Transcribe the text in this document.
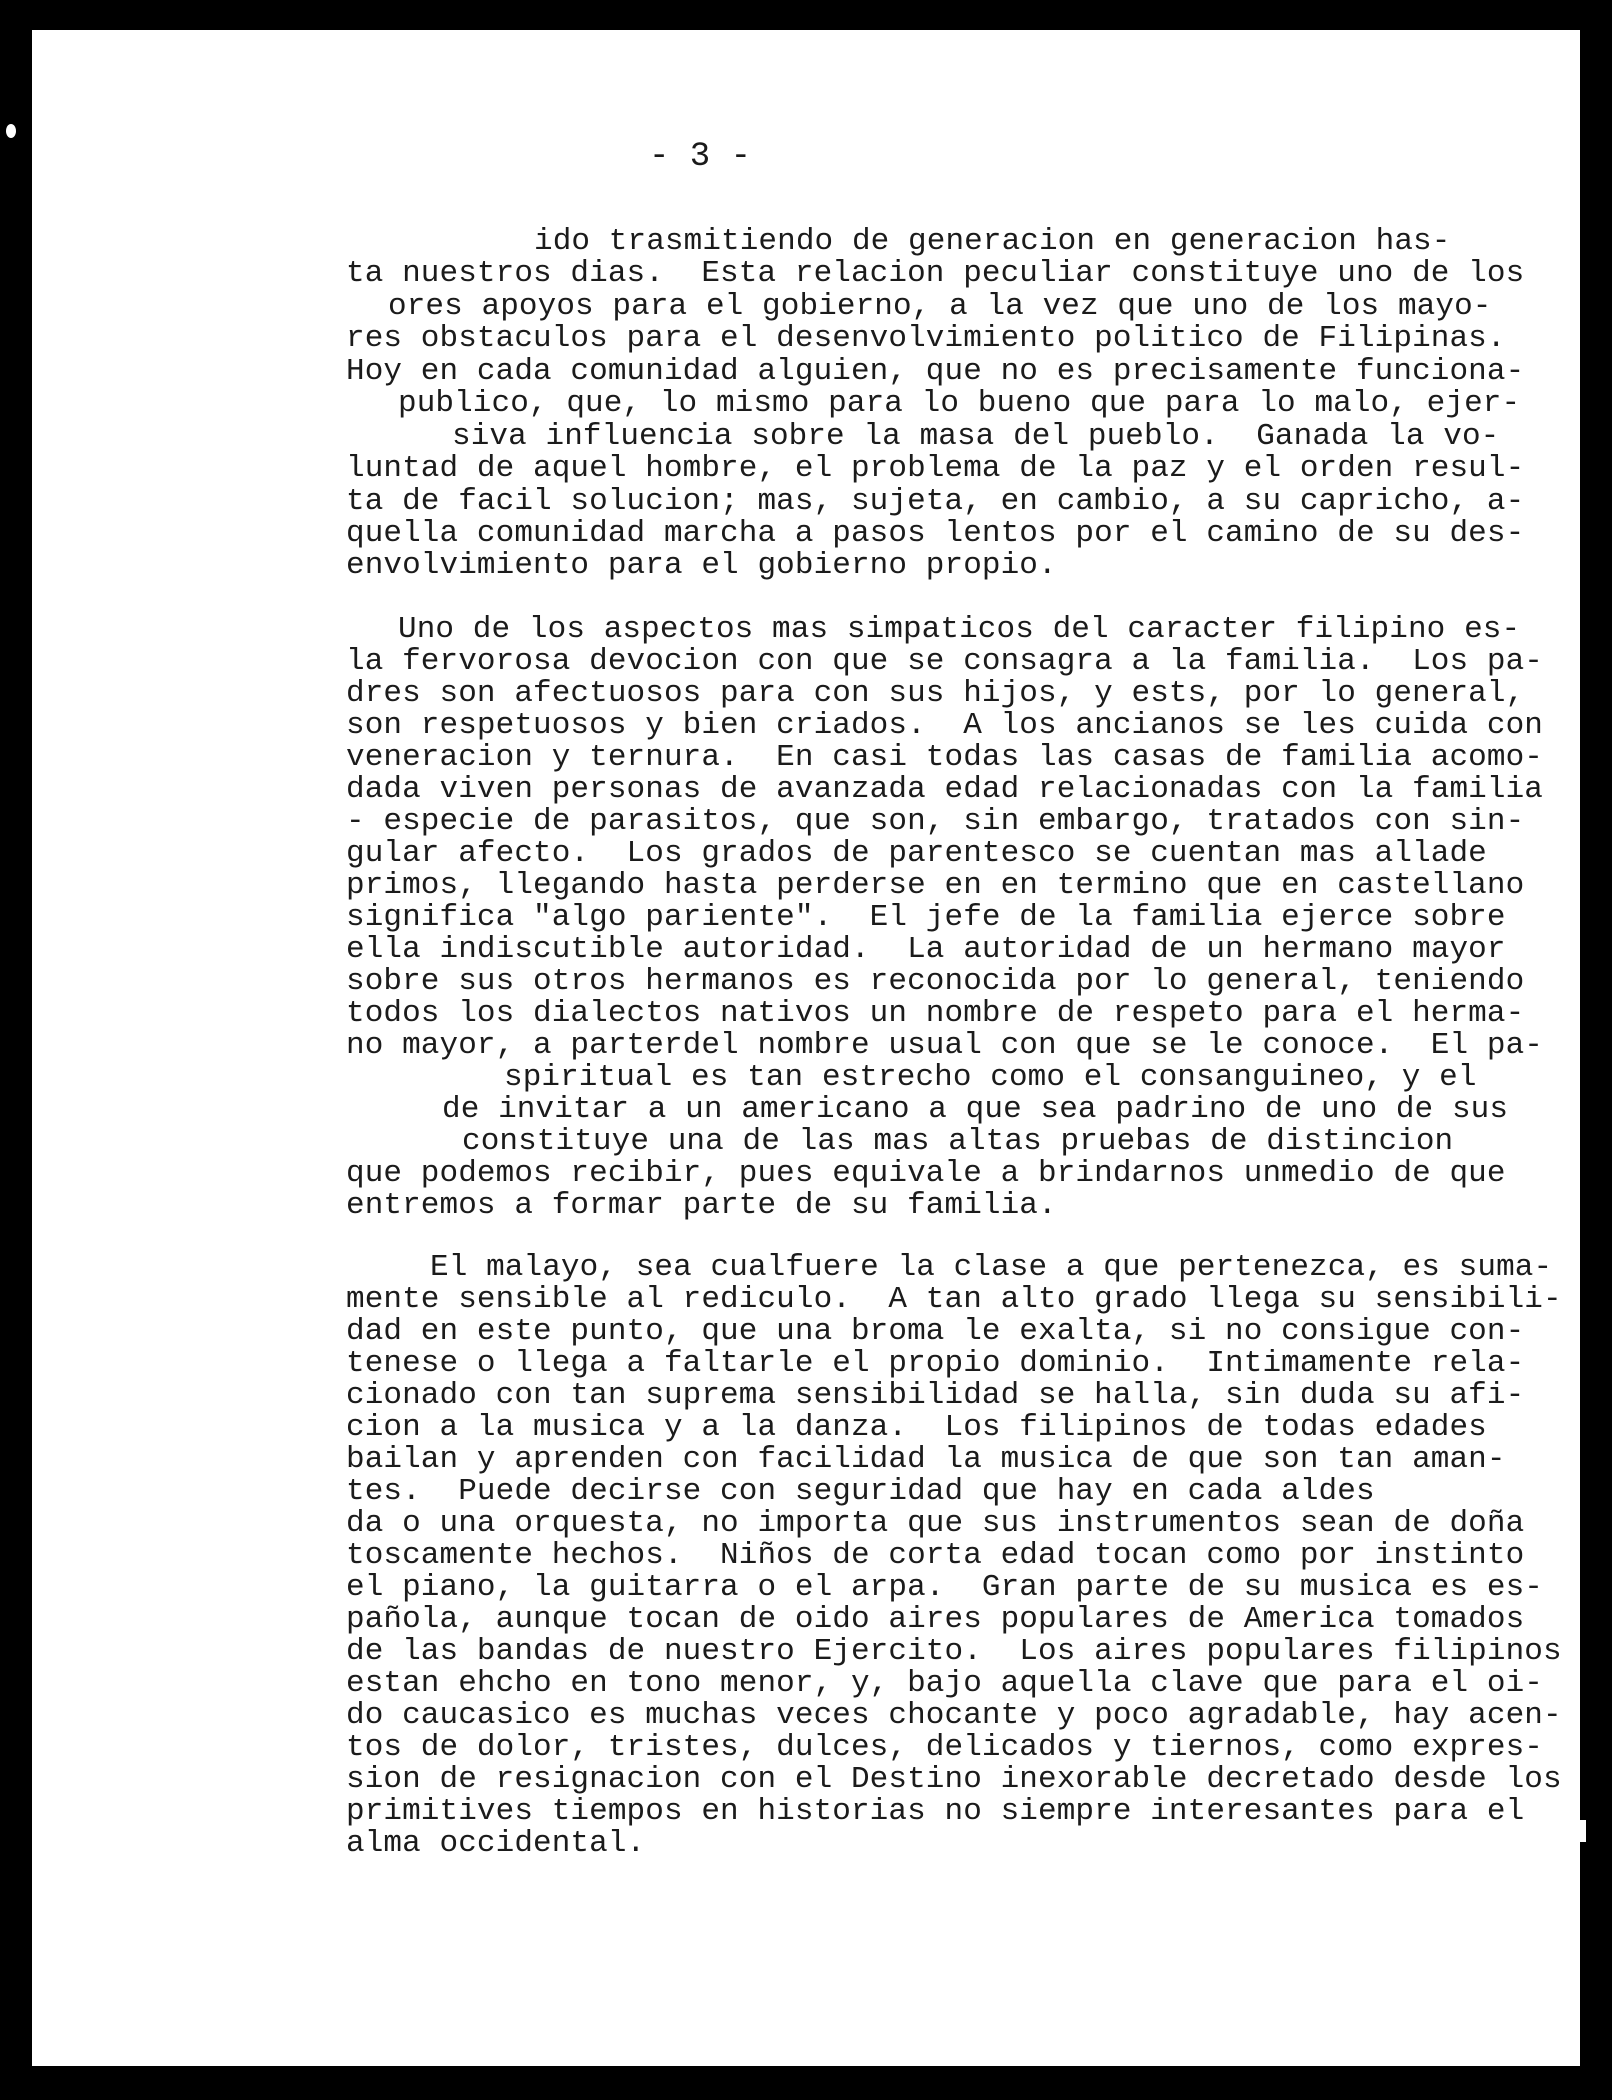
- 3 -
ido trasmitiendo de generacion en generacion has-
ta nuestros dias.  Esta relacion peculiar constituye uno de los
ores apoyos para el gobierno, a la vez que uno de los mayo-
res obstaculos para el desenvolvimiento politico de Filipinas.
Hoy en cada comunidad alguien, que no es precisamente funciona-
publico, que, lo mismo para lo bueno que para lo malo, ejer-
siva influencia sobre la masa del pueblo.  Ganada la vo-
luntad de aquel hombre, el problema de la paz y el orden resul-
ta de facil solucion; mas, sujeta, en cambio, a su capricho, a-
quella comunidad marcha a pasos lentos por el camino de su des-
envolvimiento para el gobierno propio.
Uno de los aspectos mas simpaticos del caracter filipino es-
la fervorosa devocion con que se consagra a la familia.  Los pa-
dres son afectuosos para con sus hijos, y ests, por lo general,
son respetuosos y bien criados.  A los ancianos se les cuida con
veneracion y ternura.  En casi todas las casas de familia acomo-
dada viven personas de avanzada edad relacionadas con la familia
- especie de parasitos, que son, sin embargo, tratados con sin-
gular afecto.  Los grados de parentesco se cuentan mas allade
primos, llegando hasta perderse en en termino que en castellano
significa "algo pariente".  El jefe de la familia ejerce sobre
ella indiscutible autoridad.  La autoridad de un hermano mayor
sobre sus otros hermanos es reconocida por lo general, teniendo
todos los dialectos nativos un nombre de respeto para el herma-
no mayor, a parterdel nombre usual con que se le conoce.  El pa-
spiritual es tan estrecho como el consanguineo, y el
de invitar a un americano a que sea padrino de uno de sus
constituye una de las mas altas pruebas de distincion
que podemos recibir, pues equivale a brindarnos unmedio de que
entremos a formar parte de su familia.
El malayo, sea cualfuere la clase a que pertenezca, es suma-
mente sensible al rediculo.  A tan alto grado llega su sensibili-
dad en este punto, que una broma le exalta, si no consigue con-
tenese o llega a faltarle el propio dominio.  Intimamente rela-
cionado con tan suprema sensibilidad se halla, sin duda su afi-
cion a la musica y a la danza.  Los filipinos de todas edades
bailan y aprenden con facilidad la musica de que son tan aman-
tes.  Puede decirse con seguridad que hay en cada aldes
da o una orquesta, no importa que sus instrumentos sean de doña
toscamente hechos.  Niños de corta edad tocan como por instinto
el piano, la guitarra o el arpa.  Gran parte de su musica es es-
pañola, aunque tocan de oido aires populares de America tomados
de las bandas de nuestro Ejercito.  Los aires populares filipinos
estan ehcho en tono menor, y, bajo aquella clave que para el oi-
do caucasico es muchas veces chocante y poco agradable, hay acen-
tos de dolor, tristes, dulces, delicados y tiernos, como expres-
sion de resignacion con el Destino inexorable decretado desde los
primitives tiempos en historias no siempre interesantes para el
alma occidental.
